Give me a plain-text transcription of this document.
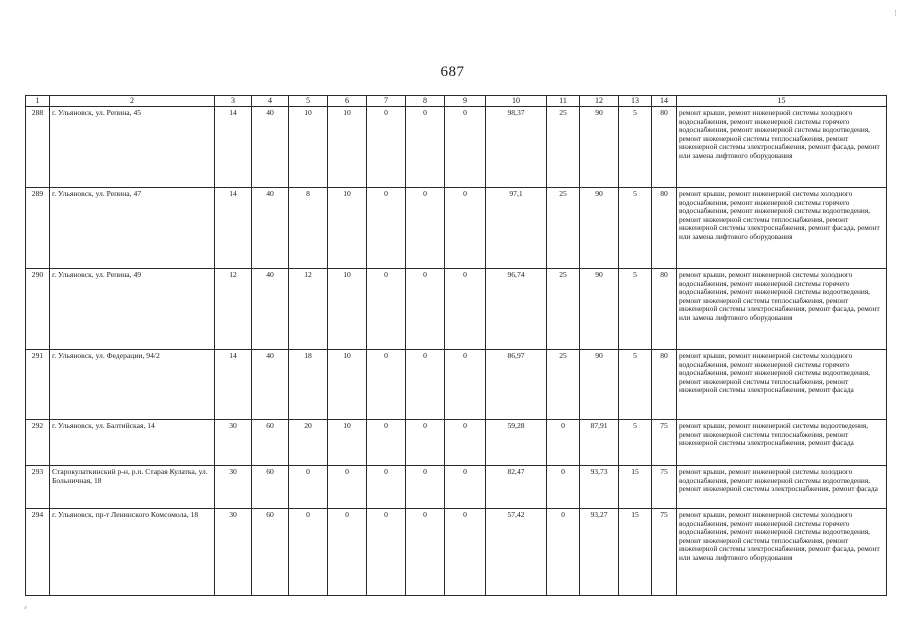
⁝
687
1	2	3	4	5	6	7	8	9	10	11	12	13	14	15
288	г. Ульяновск, ул. Репина, 45	14	40	10	10	0	0	0	98,37	25	90	5	80	ремонт крыши, ремонт инженерной системы холодного водоснабжения, ремонт инженерной системы горячего водоснабжения, ремонт инженерной системы водоотведения, ремонт инженерной системы теплоснабжения, ремонт инженерной системы электроснабжения, ремонт фасада, ремонт или замена лифтового оборудования
289	г. Ульяновск, ул. Репина, 47	14	40	8	10	0	0	0	97,1	25	90	5	80	ремонт крыши, ремонт инженерной системы холодного водоснабжения, ремонт инженерной системы горячего водоснабжения, ремонт инженерной системы водоотведения, ремонт инженерной системы теплоснабжения, ремонт инженерной системы электроснабжения, ремонт фасада, ремонт или замена лифтового оборудования
290	г. Ульяновск, ул. Репина, 49	12	40	12	10	0	0	0	96,74	25	90	5	80	ремонт крыши, ремонт инженерной системы холодного водоснабжения, ремонт инженерной системы горячего водоснабжения, ремонт инженерной системы водоотведения, ремонт инженерной системы теплоснабжения, ремонт инженерной системы электроснабжения, ремонт фасада, ремонт или замена лифтового оборудования
291	г. Ульяновск, ул. Федерации, 94/2	14	40	18	10	0	0	0	86,97	25	90	5	80	ремонт крыши, ремонт инженерной системы холодного водоснабжения, ремонт инженерной системы горячего водоснабжения, ремонт инженерной системы водоотведения, ремонт инженерной системы теплоснабжения, ремонт инженерной системы электроснабжения, ремонт фасада
292	г. Ульяновск, ул. Балтийская, 14	30	60	20	10	0	0	0	59,28	0	87,91	5	75	ремонт крыши, ремонт инженерной системы водоотведения, ремонт инженерной системы теплоснабжения, ремонт инженерной системы электроснабжения, ремонт фасада
293	Старокулаткинский р-н, р.п. Старая Кулатка, ул. Больничная, 18	30	60	0	0	0	0	0	82,47	0	93,73	15	75	ремонт крыши, ремонт инженерной системы холодного водоснабжения, ремонт инженерной системы водоотведения, ремонт инженерной системы электроснабжения, ремонт фасада
294	г. Ульяновск, пр-т Ленинского Комсомола, 18	30	60	0	0	0	0	0	57,42	0	93,27	15	75	ремонт крыши, ремонт инженерной системы холодного водоснабжения, ремонт инженерной системы горячего водоснабжения, ремонт инженерной системы водоотведения, ремонт инженерной системы теплоснабжения, ремонт инженерной системы электроснабжения, ремонт фасада, ремонт или замена лифтового оборудования
⸗
